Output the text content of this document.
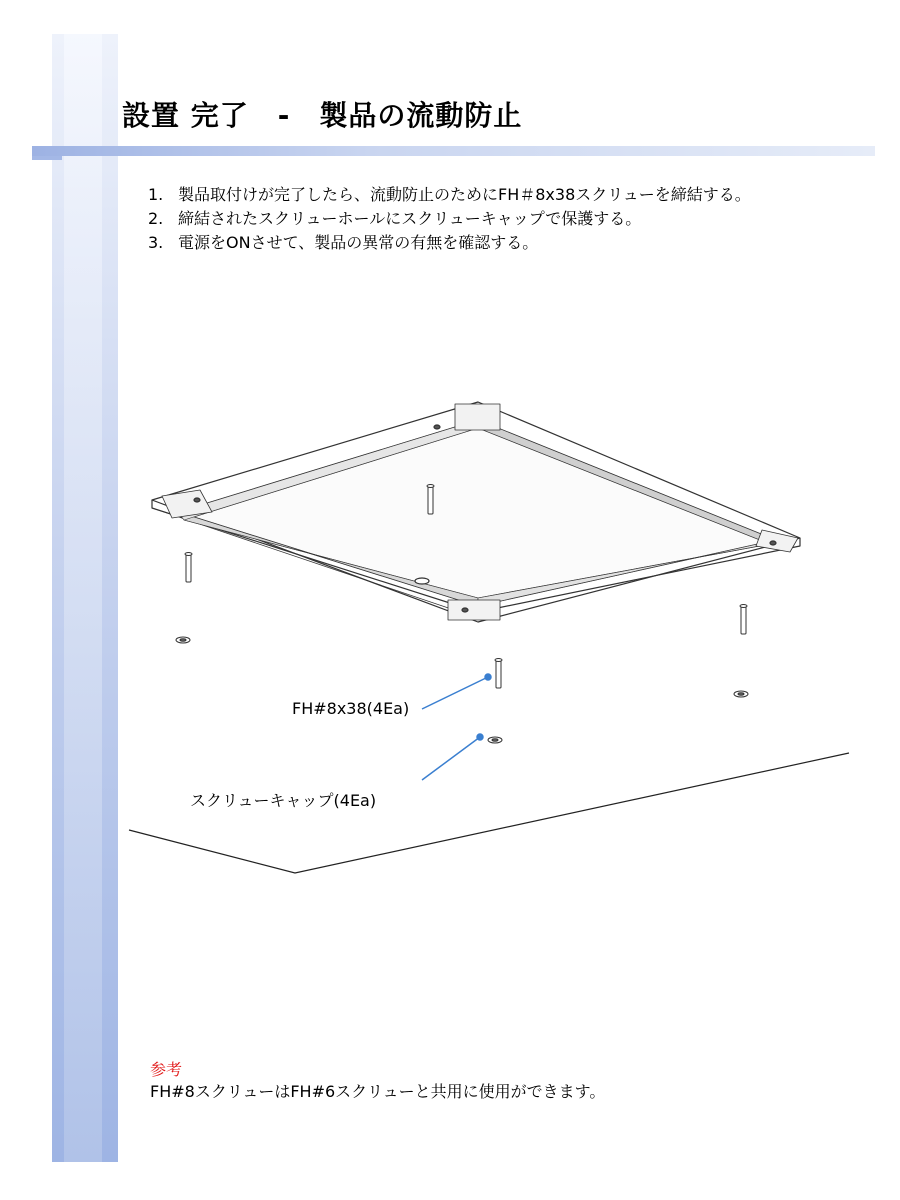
設置 完了　-　製品の流動防止
1. 製品取付けが完了したら、流動防止のためにFH＃8x38スクリューを締結する。
2. 締結されたスクリューホールにスクリューキャップで保護する。
3. 電源をONさせて、製品の異常の有無を確認する。
FH#8x38(4Ea)
スクリューキャップ(4Ea)
参考
FH#8スクリューはFH#6スクリューと共用に使用ができます。
